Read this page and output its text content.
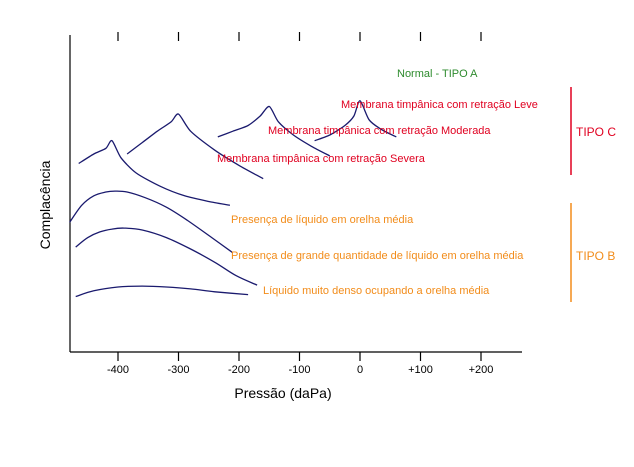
-400	-300	-200	-100	0	+100	+200
Normal - TIPO A
Membrana timpânica com retração Leve
Membrana timpânica com retração Moderada
Membrana timpânica com retração Severa
Presença de líquido em orelha média
Presença de grande quantidade de líquido em orelha média
Líquido muito denso ocupando a orelha média
TIPO C
TIPO B
Pressão (daPa)
Complacência
